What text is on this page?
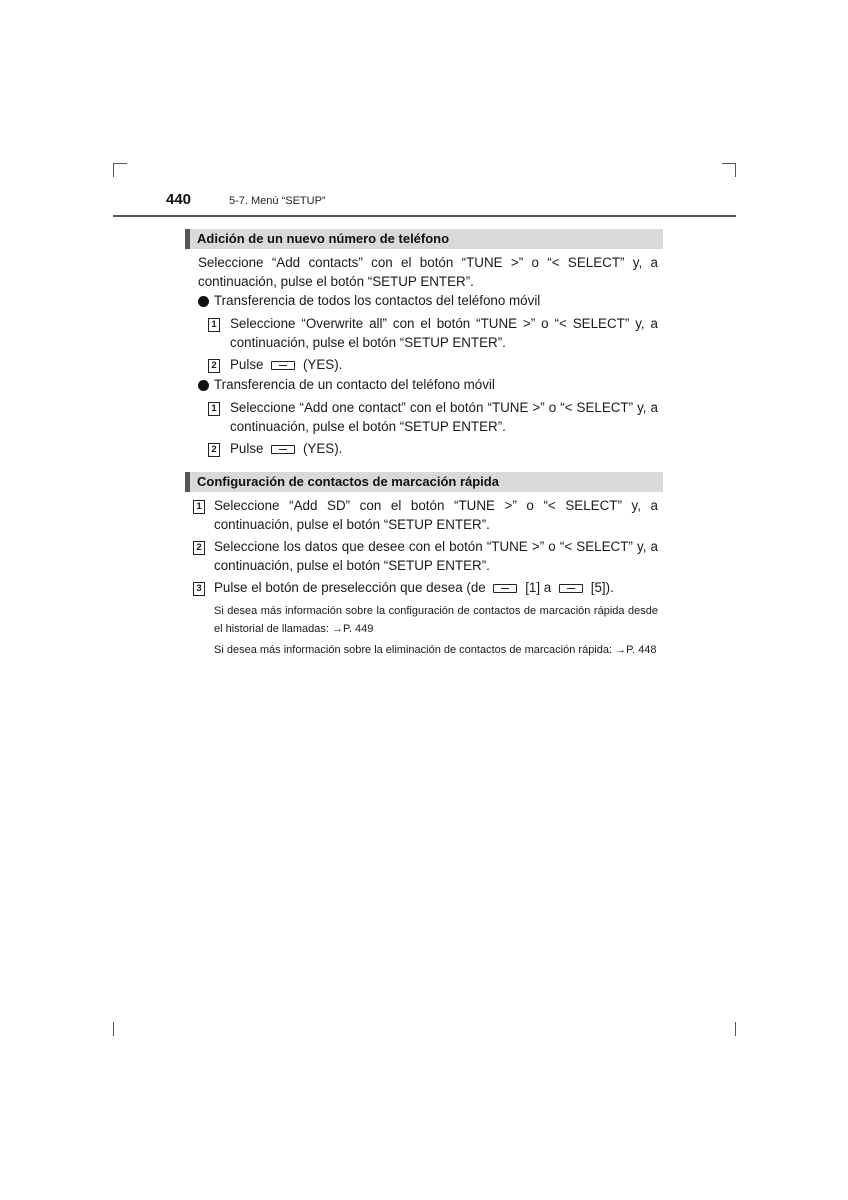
440	5-7. Menú “SETUP”
Adición de un nuevo número de teléfono
Seleccione “Add contacts” con el botón “TUNE >” o “< SELECT” y, a continuación, pulse el botón “SETUP ENTER”.
Transferencia de todos los contactos del teléfono móvil
1 Seleccione “Overwrite all” con el botón “TUNE >” o “< SELECT” y, a continuación, pulse el botón “SETUP ENTER”.
2 Pulse	(YES).
Transferencia de un contacto del teléfono móvil
1 Seleccione “Add one contact” con el botón “TUNE >” o “< SELECT” y, a continuación, pulse el botón “SETUP ENTER”.
2 Pulse	(YES).
Configuración de contactos de marcación rápida
1 Seleccione “Add SD” con el botón “TUNE >” o “< SELECT” y, a continuación, pulse el botón “SETUP ENTER”.
2 Seleccione los datos que desee con el botón “TUNE >” o “< SELECT” y, a continuación, pulse el botón “SETUP ENTER”.
3 Pulse el botón de preselección que desea (de	[1] a	[5]).
Si desea más información sobre la configuración de contactos de marcación rápida desde el historial de llamadas: →P. 449
Si desea más información sobre la eliminación de contactos de marcación rápida: →P. 448
